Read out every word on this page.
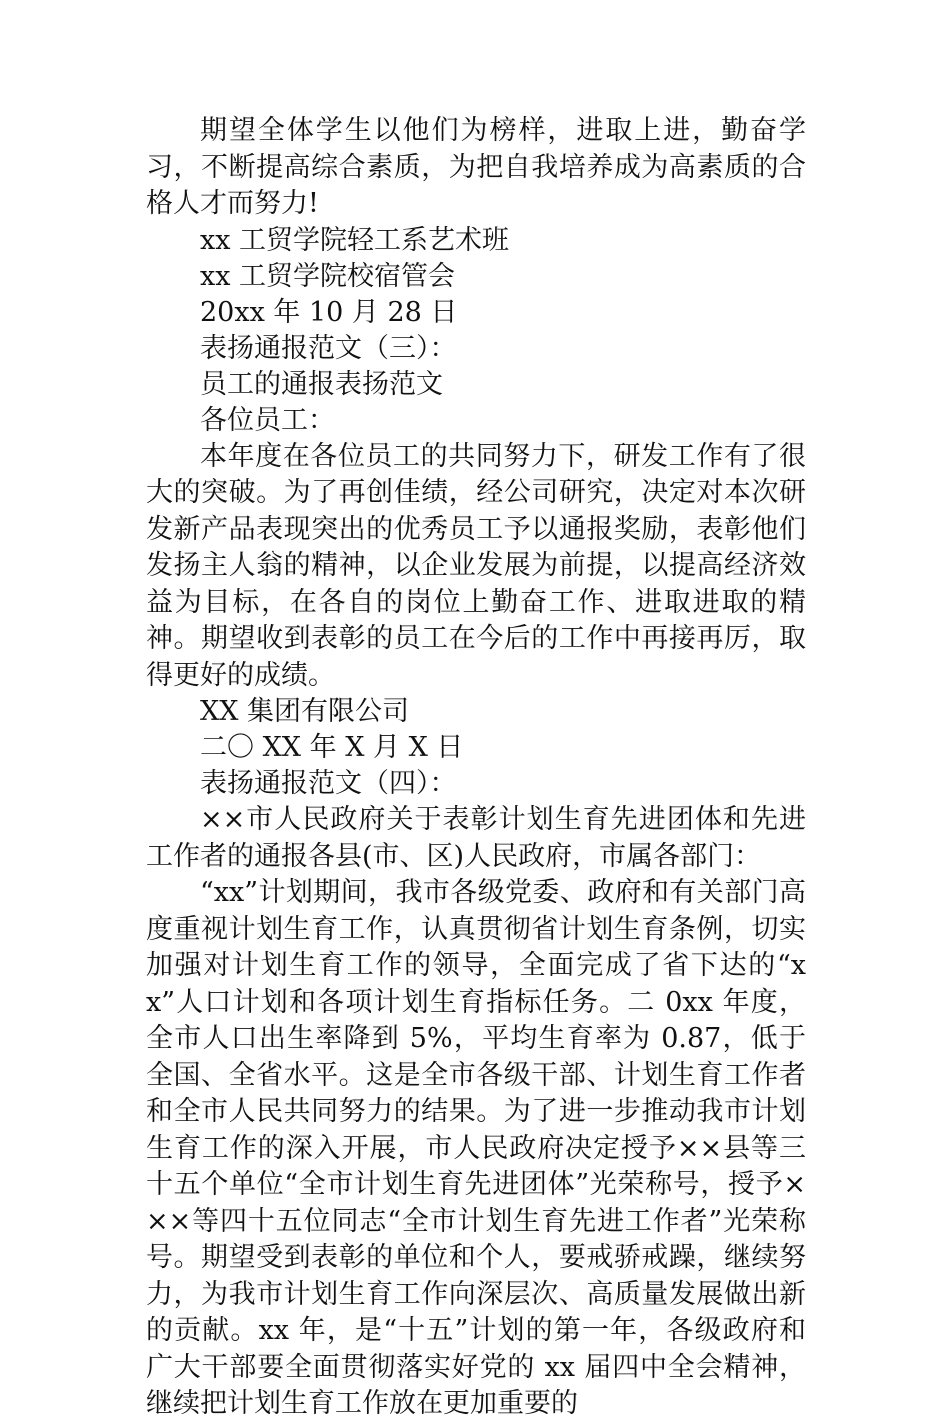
期望全体学生以他们为榜样，进取上进，勤奋学习，不断提高综合素质，为把自我培养成为高素质的合格人才而努力!

xx 工贸学院轻工系艺术班

xx 工贸学院校宿管会

20xx 年 10 月 28 日

表扬通报范文（三）：

员工的通报表扬范文

各位员工：

本年度在各位员工的共同努力下，研发工作有了很大的突破。为了再创佳绩，经公司研究，决定对本次研发新产品表现突出的优秀员工予以通报奖励，表彰他们发扬主人翁的精神，以企业发展为前提，以提高经济效益为目标，在各自的岗位上勤奋工作、进取进取的精神。期望收到表彰的员工在今后的工作中再接再厉，取得更好的成绩。

XX 集团有限公司

二〇 XX 年 X 月 X 日

表扬通报范文（四）：

××市人民政府关于表彰计划生育先进团体和先进工作者的通报各县(市、区)人民政府，市属各部门：

“xx”计划期间，我市各级党委、政府和有关部门高度重视计划生育工作，认真贯彻省计划生育条例，切实加强对计划生育工作的领导，全面完成了省下达的“xx”人口计划和各项计划生育指标任务。二 0xx 年度，全市人口出生率降到 5%，平均生育率为 0.87，低于全国、全省水平。这是全市各级干部、计划生育工作者和全市人民共同努力的结果。为了进一步推动我市计划生育工作的深入开展，市人民政府决定授予××县等三十五个单位“全市计划生育先进团体”光荣称号，授予×××等四十五位同志“全市计划生育先进工作者”光荣称号。期望受到表彰的单位和个人，要戒骄戒躁，继续努力，为我市计划生育工作向深层次、高质量发展做出新的贡献。xx 年，是“十五”计划的第一年，各级政府和广大干部要全面贯彻落实好党的 xx 届四中全会精神，继续把计划生育工作放在更加重要的
